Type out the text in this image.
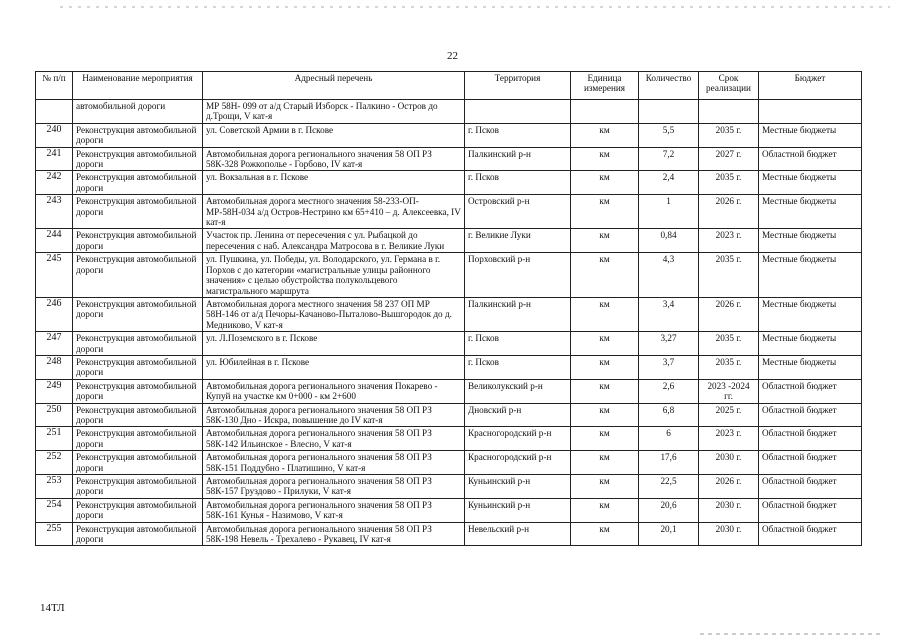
22
№ п/п	Наименование мероприятия	Адресный перечень	Территория	Единица измерения	Количество	Срок реализации	Бюджет
	автомобильной дороги	МР 58Н- 099 от а/д Старый Изборск - Палкино - Остров до д.Трощи, V кат-я					
240	Реконструкция автомобильной дороги	ул. Советской Армии в г. Пскове	г. Псков	км	5,5	2035 г.	Местные бюджеты
241	Реконструкция автомобильной дороги	Автомобильная дорога регионального значения 58 ОП РЗ 58К-328 Рожкополье - Горбово, IV кат-я	Палкинский р-н	км	7,2	2027 г.	Областной бюджет
242	Реконструкция автомобильной дороги	ул. Вокзальная в г. Пскове	г. Псков	км	2,4	2035 г.	Местные бюджеты
243	Реконструкция автомобильной дороги	Автомобильная дорога местного значения 58-233-ОП-МР-58Н-034 а/д Остров-Нестрино км 65+410 – д. Алексеевка, IV кат-я	Островский р-н	км	1	2026 г.	Местные бюджеты
244	Реконструкция автомобильной дороги	Участок пр. Ленина от пересечения с ул. Рыбацкой до пересечения с наб. Александра Матросова в г. Великие Луки	г. Великие Луки	км	0,84	2023 г.	Местные бюджеты
245	Реконструкция автомобильной дороги	ул. Пушкина, ул. Победы, ул. Володарского, ул. Германа в г. Порхов с до категории «магистральные улицы районного значения» с целью обустройства полукольцевого магистрального маршрута	Порховский р-н	км	4,3	2035 г.	Местные бюджеты
246	Реконструкция автомобильной дороги	Автомобильная дорога местного значения 58 237 ОП МР 58Н-146 от а/д Печоры-Качаново-Пыталово-Вышгородок до д. Медниково, V кат-я	Палкинский р-н	км	3,4	2026 г.	Местные бюджеты
247	Реконструкция автомобильной дороги	ул. Л.Поземского в г. Пскове	г. Псков	км	3,27	2035 г.	Местные бюджеты
248	Реконструкция автомобильной дороги	ул. Юбилейная в г. Пскове	г. Псков	км	3,7	2035 г.	Местные бюджеты
249	Реконструкция автомобильной дороги	Автомобильная дорога регионального значения Покарево - Купуй на участке км 0+000 - км 2+600	Великолукский р-н	км	2,6	2023 -2024 гг.	Областной бюджет
250	Реконструкция автомобильной дороги	Автомобильная дорога регионального значения 58 ОП РЗ 58К-130 Дно - Искра, повышение до IV кат-я	Дновский р-н	км	6,8	2025 г.	Областной бюджет
251	Реконструкция автомобильной дороги	Автомобильная дорога регионального значения 58 ОП РЗ 58К-142 Ильинское - Влесно, V кат-я	Красногородский р-н	км	6	2023 г.	Областной бюджет
252	Реконструкция автомобильной дороги	Автомобильная дорога регионального значения 58 ОП РЗ 58К-151 Поддубно - Платишино, V кат-я	Красногородский р-н	км	17,6	2030 г.	Областной бюджет
253	Реконструкция автомобильной дороги	Автомобильная дорога регионального значения 58 ОП РЗ 58К-157 Груздово - Прилуки, V кат-я	Куньинский р-н	км	22,5	2026 г.	Областной бюджет
254	Реконструкция автомобильной дороги	Автомобильная дорога регионального значения 58 ОП РЗ 58К-161 Кунья - Назимово, V кат-я	Куньинский р-н	км	20,6	2030 г.	Областной бюджет
255	Реконструкция автомобильной дороги	Автомобильная дорога регионального значения 58 ОП РЗ 58К-198 Невель - Трехалево - Рукавец, IV кат-я	Невельский р-н	км	20,1	2030 г.	Областной бюджет
14ТЛ
